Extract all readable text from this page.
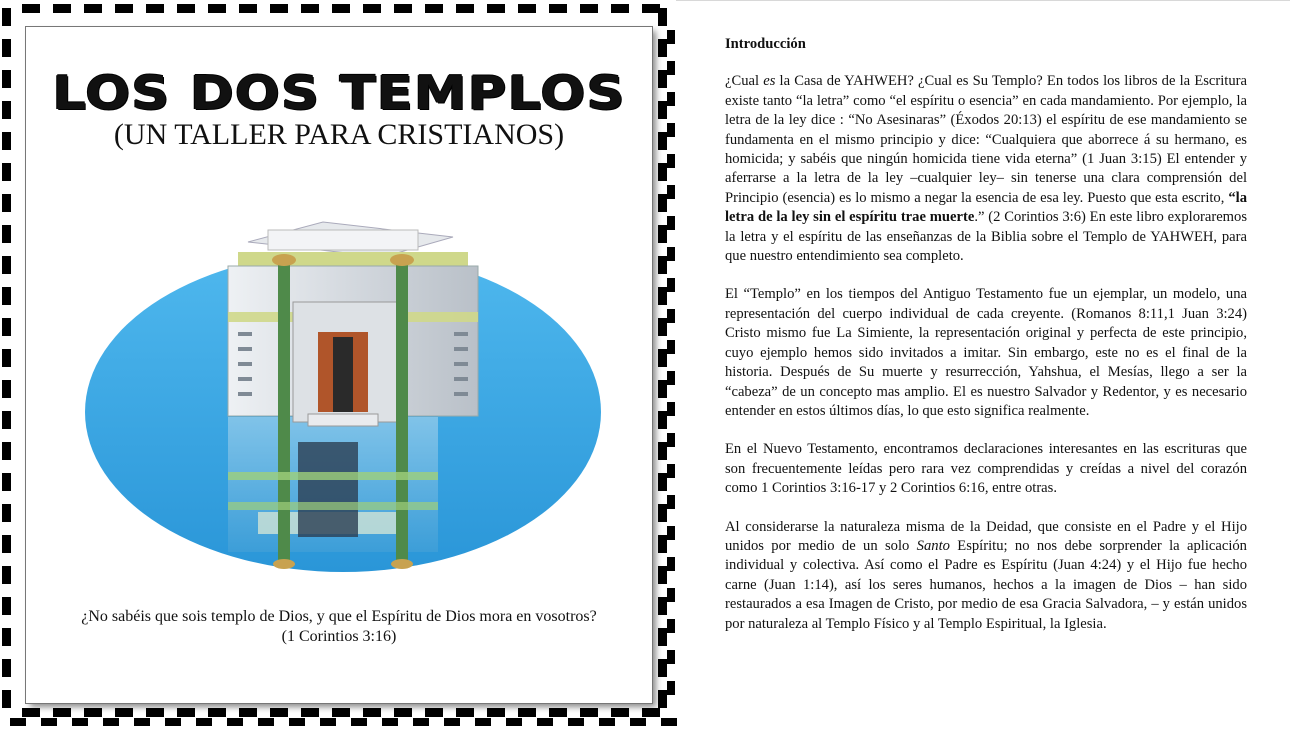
LOS DOS TEMPLOS
(UN TALLER PARA CRISTIANOS)
¿No sabéis que sois templo de Dios, y que el Espíritu de Dios mora en vosotros?
(1 Corintios 3:16)
Introducción

¿Cual es la Casa de YAHWEH? ¿Cual es Su Templo? En todos los libros de la Escritura existe tanto “la letra” como “el espíritu o esencia” en cada mandamiento. Por ejemplo, la letra de la ley dice : “No Asesinaras” (Éxodos 20:13) el espíritu de ese mandamiento se fundamenta en el mismo principio y dice: “Cualquiera que aborrece á su hermano, es homicida; y sabéis que ningún homicida tiene vida eterna” (1 Juan 3:15) El entender y aferrarse a la letra de la ley –cualquier ley– sin tenerse una clara comprensión del Principio (esencia) es lo mismo a negar la esencia de esa ley. Puesto que esta escrito, “la letra de la ley sin el espíritu trae muerte.” (2 Corintios 3:6) En este libro exploraremos la letra y el espíritu de las enseñanzas de la Biblia sobre el Templo de YAHWEH, para que nuestro entendimiento sea completo.

El “Templo” en los tiempos del Antiguo Testamento fue un ejemplar, un modelo, una representación del cuerpo individual de cada creyente. (Romanos 8:11,1 Juan 3:24) Cristo mismo fue La Simiente, la representación original y perfecta de este principio, cuyo ejemplo hemos sido invitados a imitar. Sin embargo, este no es el final de la historia. Después de Su muerte y resurrección, Yahshua, el Mesías, llego a ser la “cabeza” de un concepto mas amplio. El es nuestro Salvador y Redentor, y es necesario entender en estos últimos días, lo que esto significa realmente.

En el Nuevo Testamento, encontramos declaraciones interesantes en las escrituras que son frecuentemente leídas pero rara vez comprendidas y creídas a nivel del corazón como 1 Corintios 3:16-17 y 2 Corintios 6:16, entre otras.

Al considerarse la naturaleza misma de la Deidad, que consiste en el Padre y el Hijo unidos por medio de un solo Santo Espíritu; no nos debe sorprender la aplicación individual y colectiva. Así como el Padre es Espíritu (Juan 4:24) y el Hijo fue hecho carne (Juan 1:14), así los seres humanos, hechos a la imagen de Dios – han sido restaurados a esa Imagen de Cristo, por medio de esa Gracia Salvadora, – y están unidos por naturaleza al Templo Físico y al Templo Espiritual, la Iglesia.
